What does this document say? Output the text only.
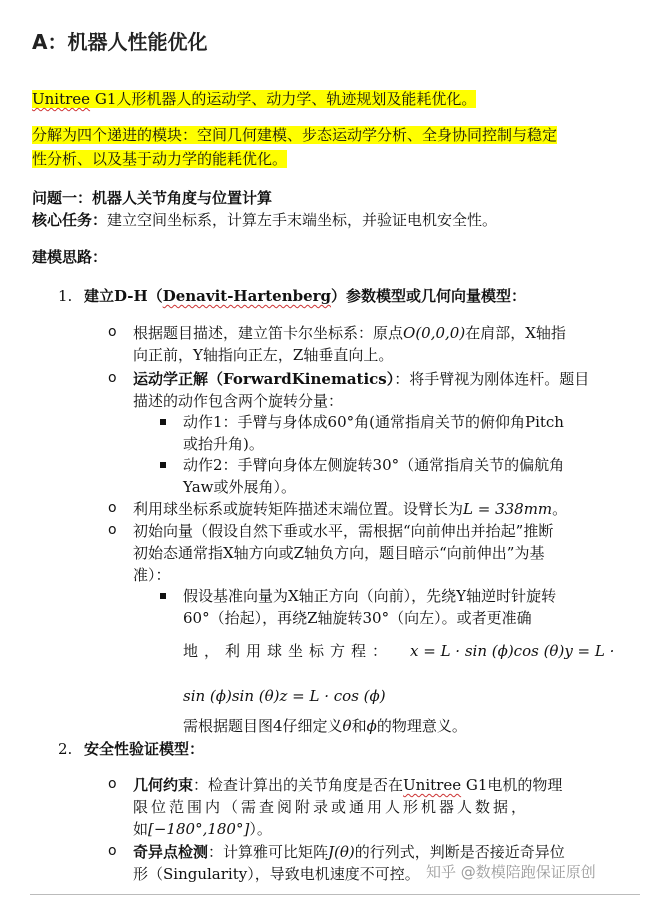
A：机器人性能优化
Unitree G1人形机器人的运动学、动力学、轨迹规划及能耗优化。
分解为四个递进的模块：空间几何建模、步态运动学分析、全身协同控制与稳定
性分析、以及基于动力学的能耗优化。
问题一：机器人关节角度与位置计算
核心任务：建立空间坐标系，计算左手末端坐标，并验证电机安全性。
建模思路：
1. 建立D-H（Denavit-Hartenberg）参数模型或几何向量模型：
o 根据题目描述，建立笛卡尔坐标系：原点O(0,0,0)在肩部，X轴指
向正前，Y轴指向正左，Z轴垂直向上。
o 运动学正解（ForwardKinematics）：将手臂视为刚体连杆。题目
描述的动作包含两个旋转分量：
动作1：手臂与身体成60°角(通常指肩关节的俯仰角Pitch
或抬升角)。
动作2：手臂向身体左侧旋转30°（通常指肩关节的偏航角
Yaw或外展角）。
o 利用球坐标系或旋转矩阵描述末端位置。设臂长为L = 338mm。
o 初始向量（假设自然下垂或水平，需根据“向前伸出并抬起”推断
初始态通常指X轴方向或Z轴负方向，题目暗示“向前伸出”为基
准）：
假设基准向量为X轴正方向（向前），先绕Y轴逆时针旋转
60°（抬起），再绕Z轴旋转30°（向左）。或者更准确
地，利用球坐标方程： x = L · sin (ϕ)cos (θ)y = L ·
sin (ϕ)sin (θ)z = L · cos (ϕ)
需根据题目图4仔细定义θ和ϕ的物理意义。
2. 安全性验证模型：
o 几何约束：检查计算出的关节角度是否在Unitree G1电机的物理
限位范围内（需查阅附录或通用人形机器人数据，
如[−180°,180°]）。
o 奇异点检测：计算雅可比矩阵J(θ)的行列式，判断是否接近奇异位
形（Singularity），导致电机速度不可控。 知乎 @数模陪跑保证原创
